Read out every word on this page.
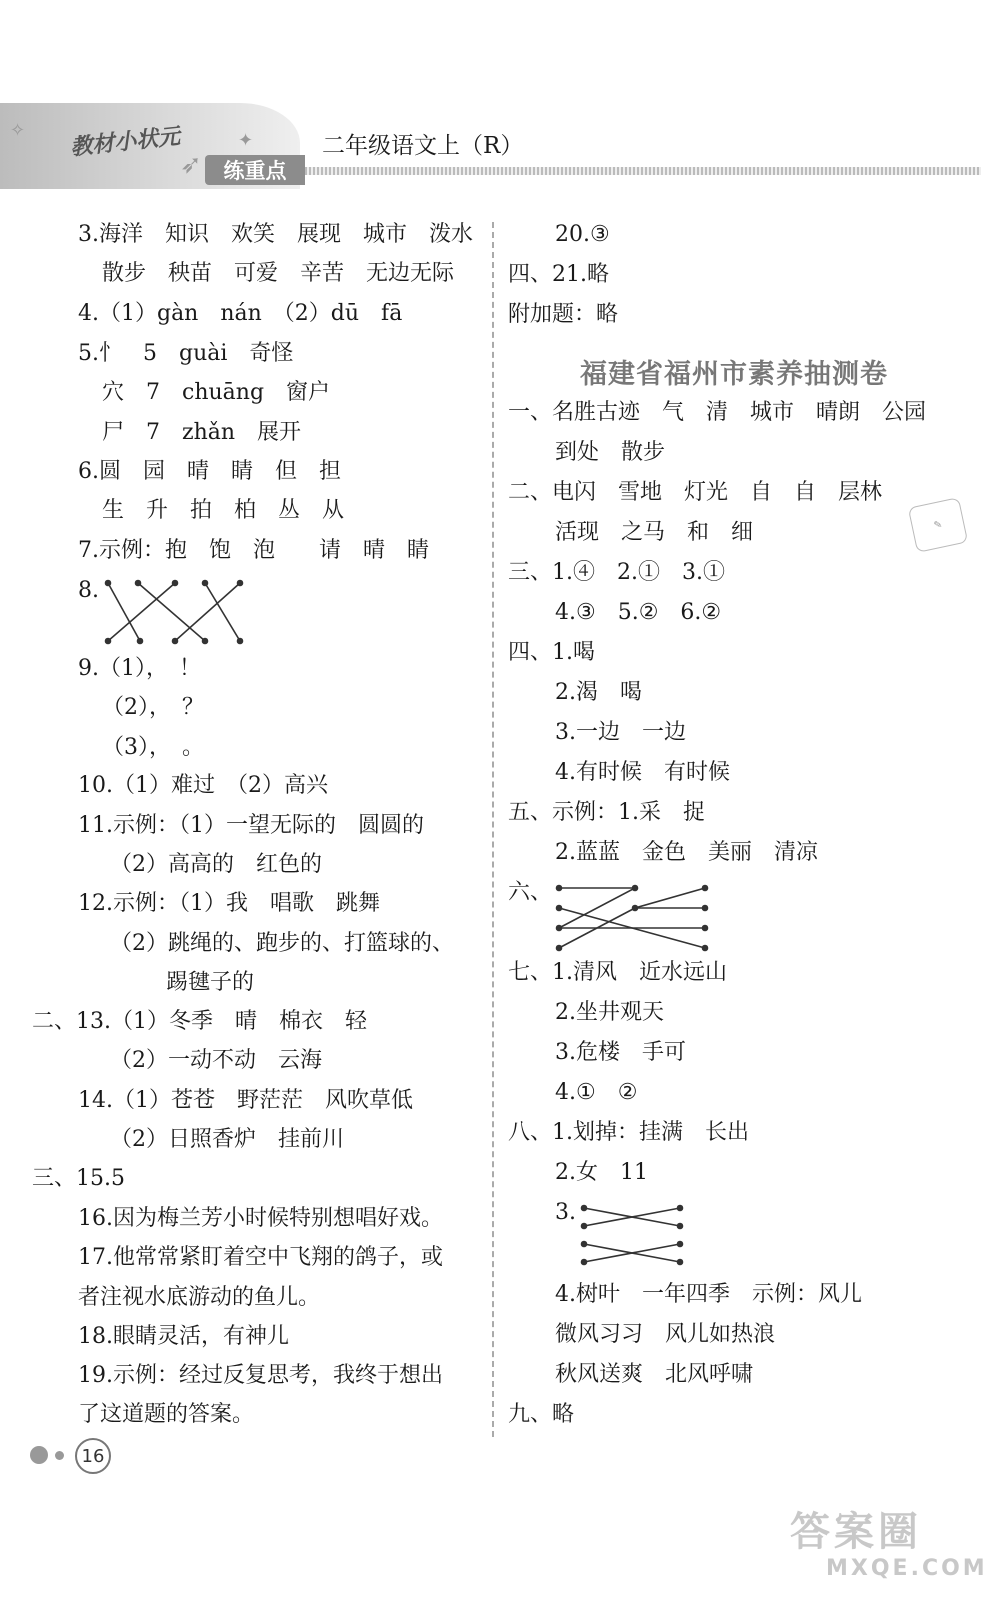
✧	✦
➶
教材小状元
练重点
二年级语文上（R）
3.海洋　知识　欢笑　展现　城市　泼水
散步　秧苗　可爱　辛苦　无边无际
4.（1）gàn　nán　（2）dū　fā
5.忄　5　guài　奇怪
穴　7　chuāng　窗户
尸　7　zhǎn　展开
6.圆　园　晴　睛　但　担
生　升　拍　柏　丛　从
7.示例：抱　饱　泡　　请　晴　睛
8.
9.（1），　！
（2），　？
（3），　。
10.（1）难过　（2）高兴
11.示例：（1）一望无际的　圆圆的
（2）高高的　红色的
12.示例：（1）我　唱歌　跳舞
（2）跳绳的、跑步的、打篮球的、
踢毽子的
二、13.（1）冬季　晴　棉衣　轻
（2）一动不动　云海
14.（1）苍苍　野茫茫　风吹草低
（2）日照香炉　挂前川
三、15.5
16.因为梅兰芳小时候特别想唱好戏。
17.他常常紧盯着空中飞翔的鸽子，或
者注视水底游动的鱼儿。
18.眼睛灵活，有神儿
19.示例：经过反复思考，我终于想出
了这道题的答案。
20.③
四、21.略
附加题：略
福建省福州市素养抽测卷
一、名胜古迹　气　清　城市　晴朗　公园
到处　散步
二、电闪　雪地　灯光　自　自　层林
活现　之马　和　细
三、1.④　2.①　3.①
4.③　5.②　6.②
四、1.喝
2.渴　喝
3.一边　一边
4.有时候　有时候
五、示例：1.采　捉
2.蓝蓝　金色　美丽　清凉
六、
七、1.清风　近水远山
2.坐井观天
3.危楼　手可
4.①　②
八、1.划掉：挂满　长出
2.女　11
3.
4.树叶　一年四季　示例：风儿
微风习习　风儿如热浪
秋风送爽　北风呼啸
九、略
✎
16
答案圈
MXQE.COM
